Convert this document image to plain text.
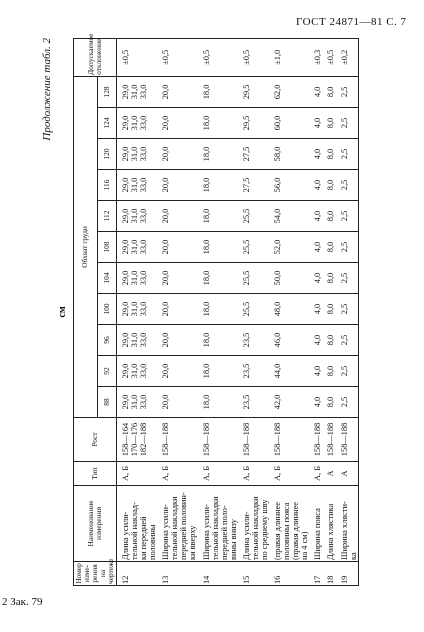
ГОСТ 24871—81 С. 7
2 Зак. 79
Продолжение табл. 2
см
Номер изме-рения на чертеже	Наименование измерения	Тип	Рост	Обхват груди											Допускаемое отклонение
				88	92	96	100	104	108	112	116	120	124	128	
12	Длина усили- тельной наклад- ки передней половины	А, Б	158—164 170—176 182—188	29,0 31,0 33,0	29,0 31,0 33,0	29,0 31,0 33,0	29,0 31,0 33,0	29,0 31,0 33,0	29,0 31,0 33,0	29,0 31,0 33,0	29,0 31,0 33,0	29,0 31,0 33,0	29,0 31,0 33,0	29,0 31,0 33,0	±0,5
13	Ширина усили- тельной накладки передней половин- ки вверху	А, Б	158—188	20,0	20,0	20,0	20,0	20,0	20,0	20,0	20,0	20,0	20,0	20,0	±0,5
14	Ширина усили- тельной накладки передней поло- вины внизу	А, Б	158—188	18,0	18,0	18,0	18,0	18,0	18,0	18,0	18,0	18,0	18,0	18,0	±0,5
15	Длина усили- тельной накладки по среднему шву	А, Б	158—188	23,5	23,5	23,5	25,5	25,5	25,5	25,5	27,5	27,5	29,5	29,5	±0,5
16	(правая длиннее половины пояса (правая длиннее на 4 см)	А, Б	158—188	42,0	44,0	46,0	48,0	50,0	52,0	54,0	56,0	58,0	60,0	62,0	±1,0
17	Ширина пояса	А, Б	158—188	4,0	4,0	4,0	4,0	4,0	4,0	4,0	4,0	4,0	4,0	4,0	±0,3
18	Длина хлястика	А	158—188	8,0	8,0	8,0	8,0	8,0	8,0	8,0	8,0	8,0	8,0	8,0	±0,5
19	Ширина хлясти- ка	А	158—188	2,5	2,5	2,5	2,5	2,5	2,5	2,5	2,5	2,5	2,5	2,5	±0,2
